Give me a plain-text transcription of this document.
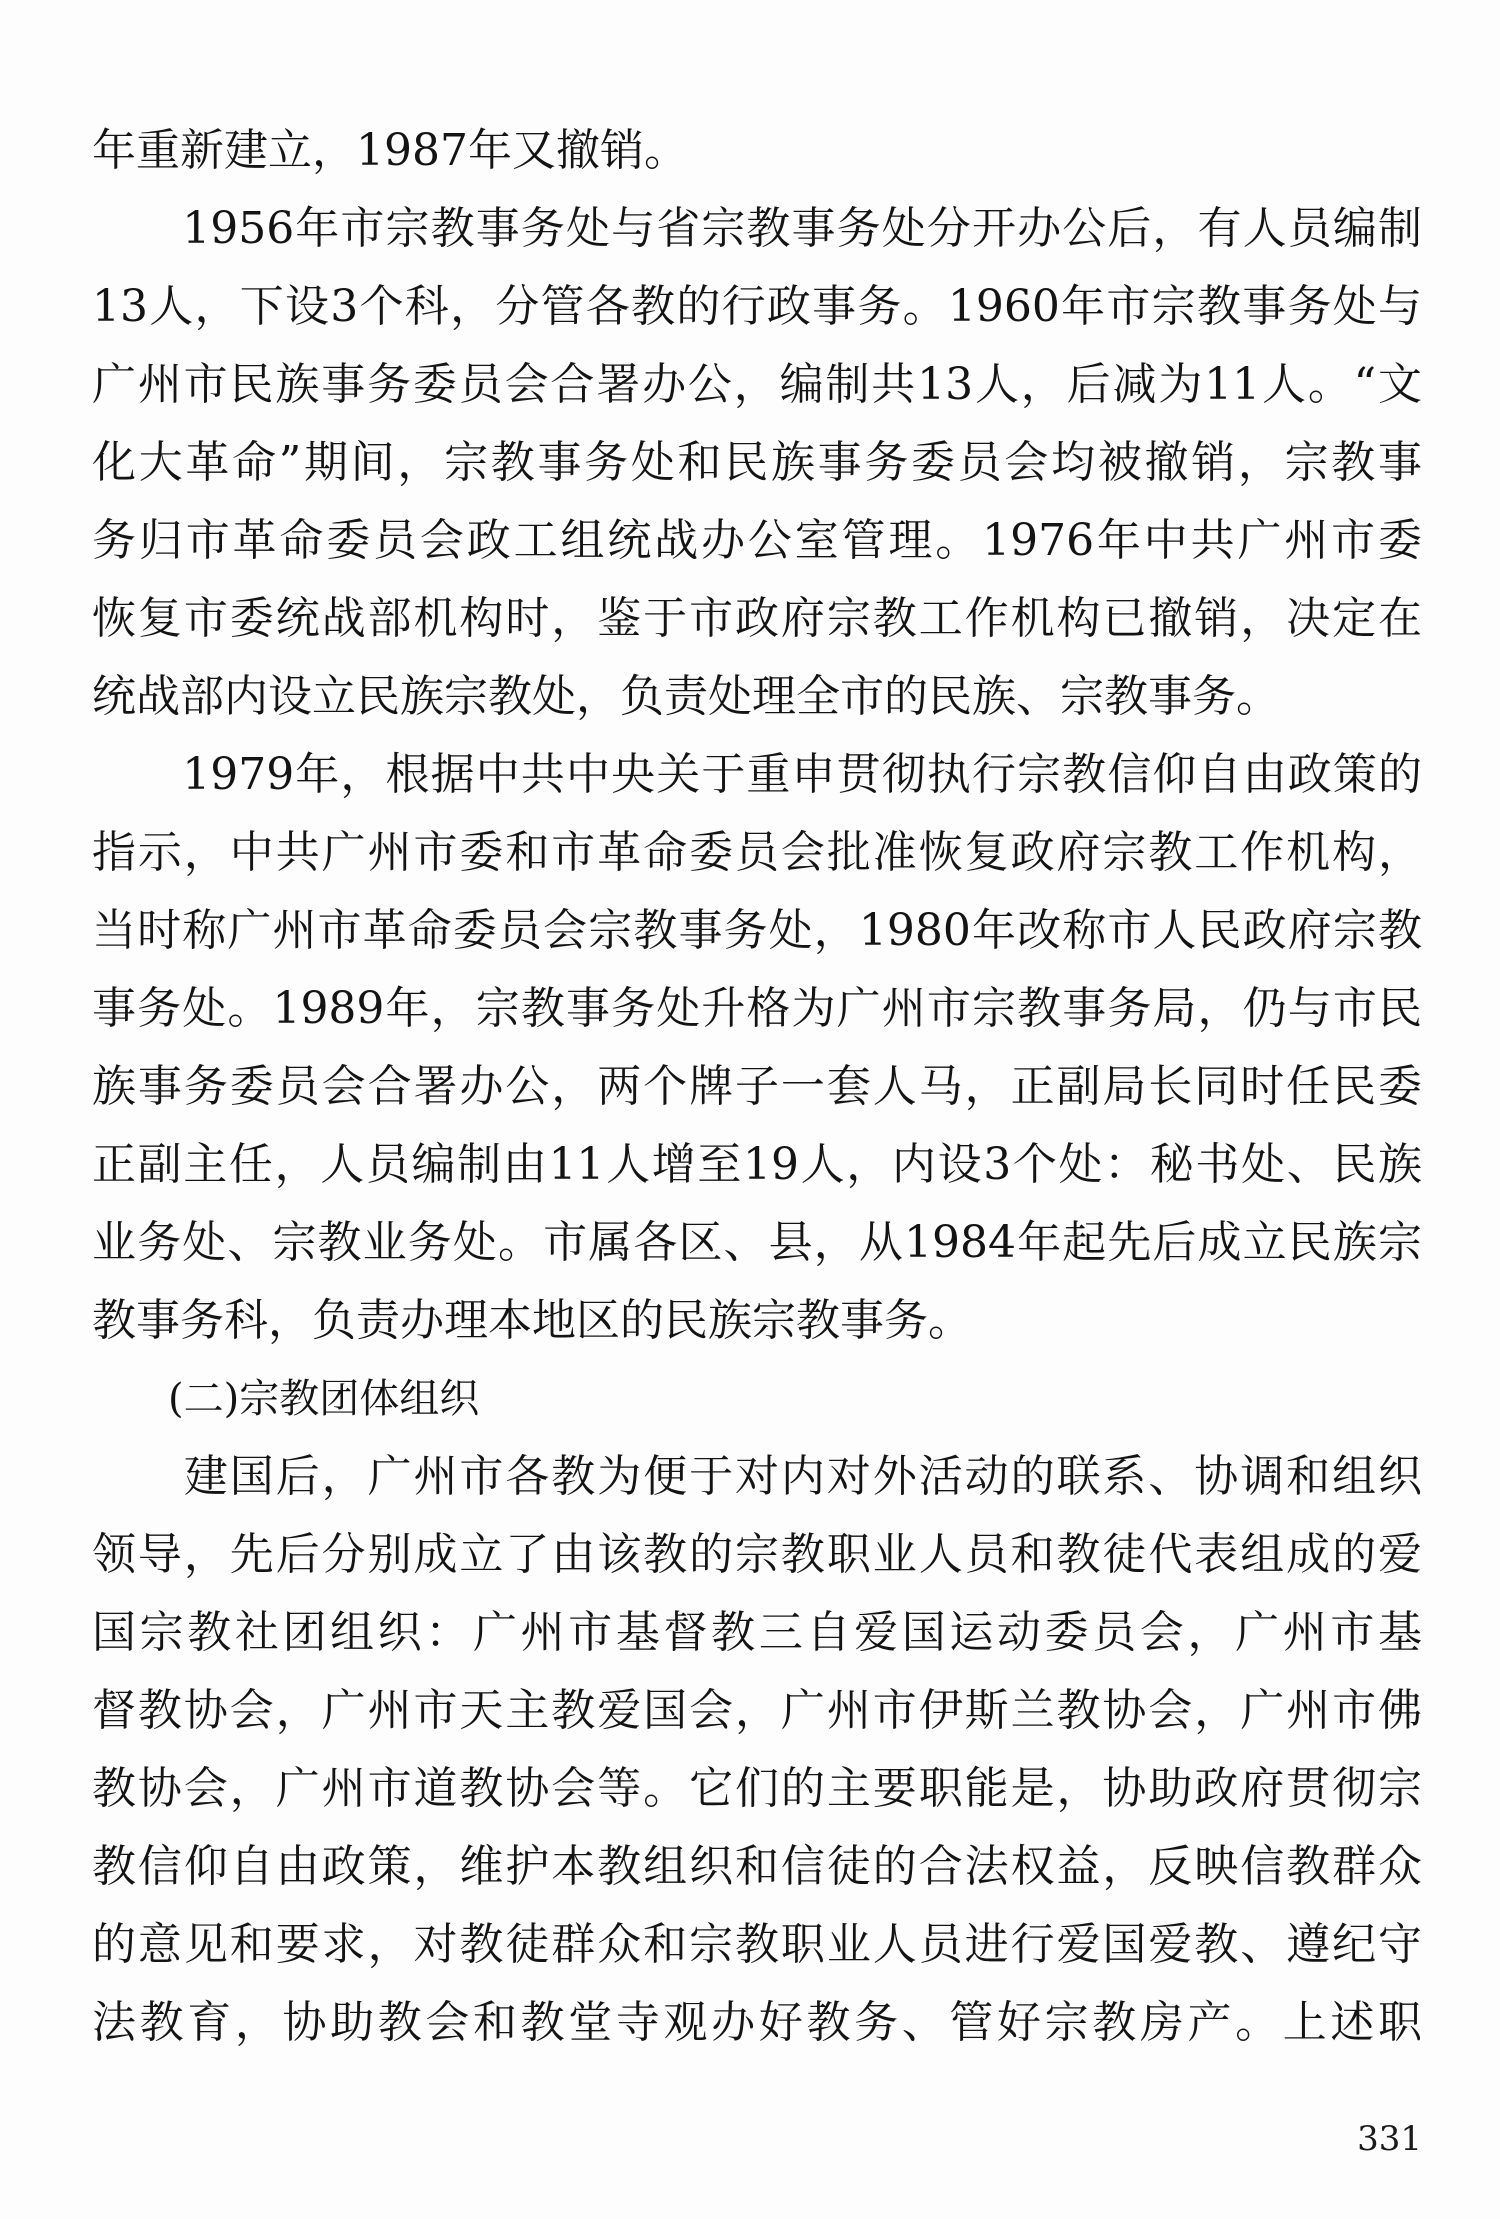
年重新建立，1987年又撤销。
　　1956年市宗教事务处与省宗教事务处分开办公后，有人员编制
13人，下设3个科，分管各教的行政事务。1960年市宗教事务处与
广州市民族事务委员会合署办公，编制共13人，后减为11人。“文
化大革命”期间，宗教事务处和民族事务委员会均被撤销，宗教事
务归市革命委员会政工组统战办公室管理。1976年中共广州市委
恢复市委统战部机构时，鉴于市政府宗教工作机构已撤销，决定在
统战部内设立民族宗教处，负责处理全市的民族、宗教事务。
　　1979年，根据中共中央关于重申贯彻执行宗教信仰自由政策的
指示，中共广州市委和市革命委员会批准恢复政府宗教工作机构，
当时称广州市革命委员会宗教事务处，1980年改称市人民政府宗教
事务处。1989年，宗教事务处升格为广州市宗教事务局，仍与市民
族事务委员会合署办公，两个牌子一套人马，正副局长同时任民委
正副主任，人员编制由11人增至19人，内设3个处：秘书处、民族
业务处、宗教业务处。市属各区、县，从1984年起先后成立民族宗
教事务科，负责办理本地区的民族宗教事务。
(二)宗教团体组织
　　建国后，广州市各教为便于对内对外活动的联系、协调和组织
领导，先后分别成立了由该教的宗教职业人员和教徒代表组成的爱
国宗教社团组织：广州市基督教三自爱国运动委员会，广州市基
督教协会，广州市天主教爱国会，广州市伊斯兰教协会，广州市佛
教协会，广州市道教协会等。它们的主要职能是，协助政府贯彻宗
教信仰自由政策，维护本教组织和信徒的合法权益，反映信教群众
的意见和要求，对教徒群众和宗教职业人员进行爱国爱教、遵纪守
法教育，协助教会和教堂寺观办好教务、管好宗教房产。上述职
331
